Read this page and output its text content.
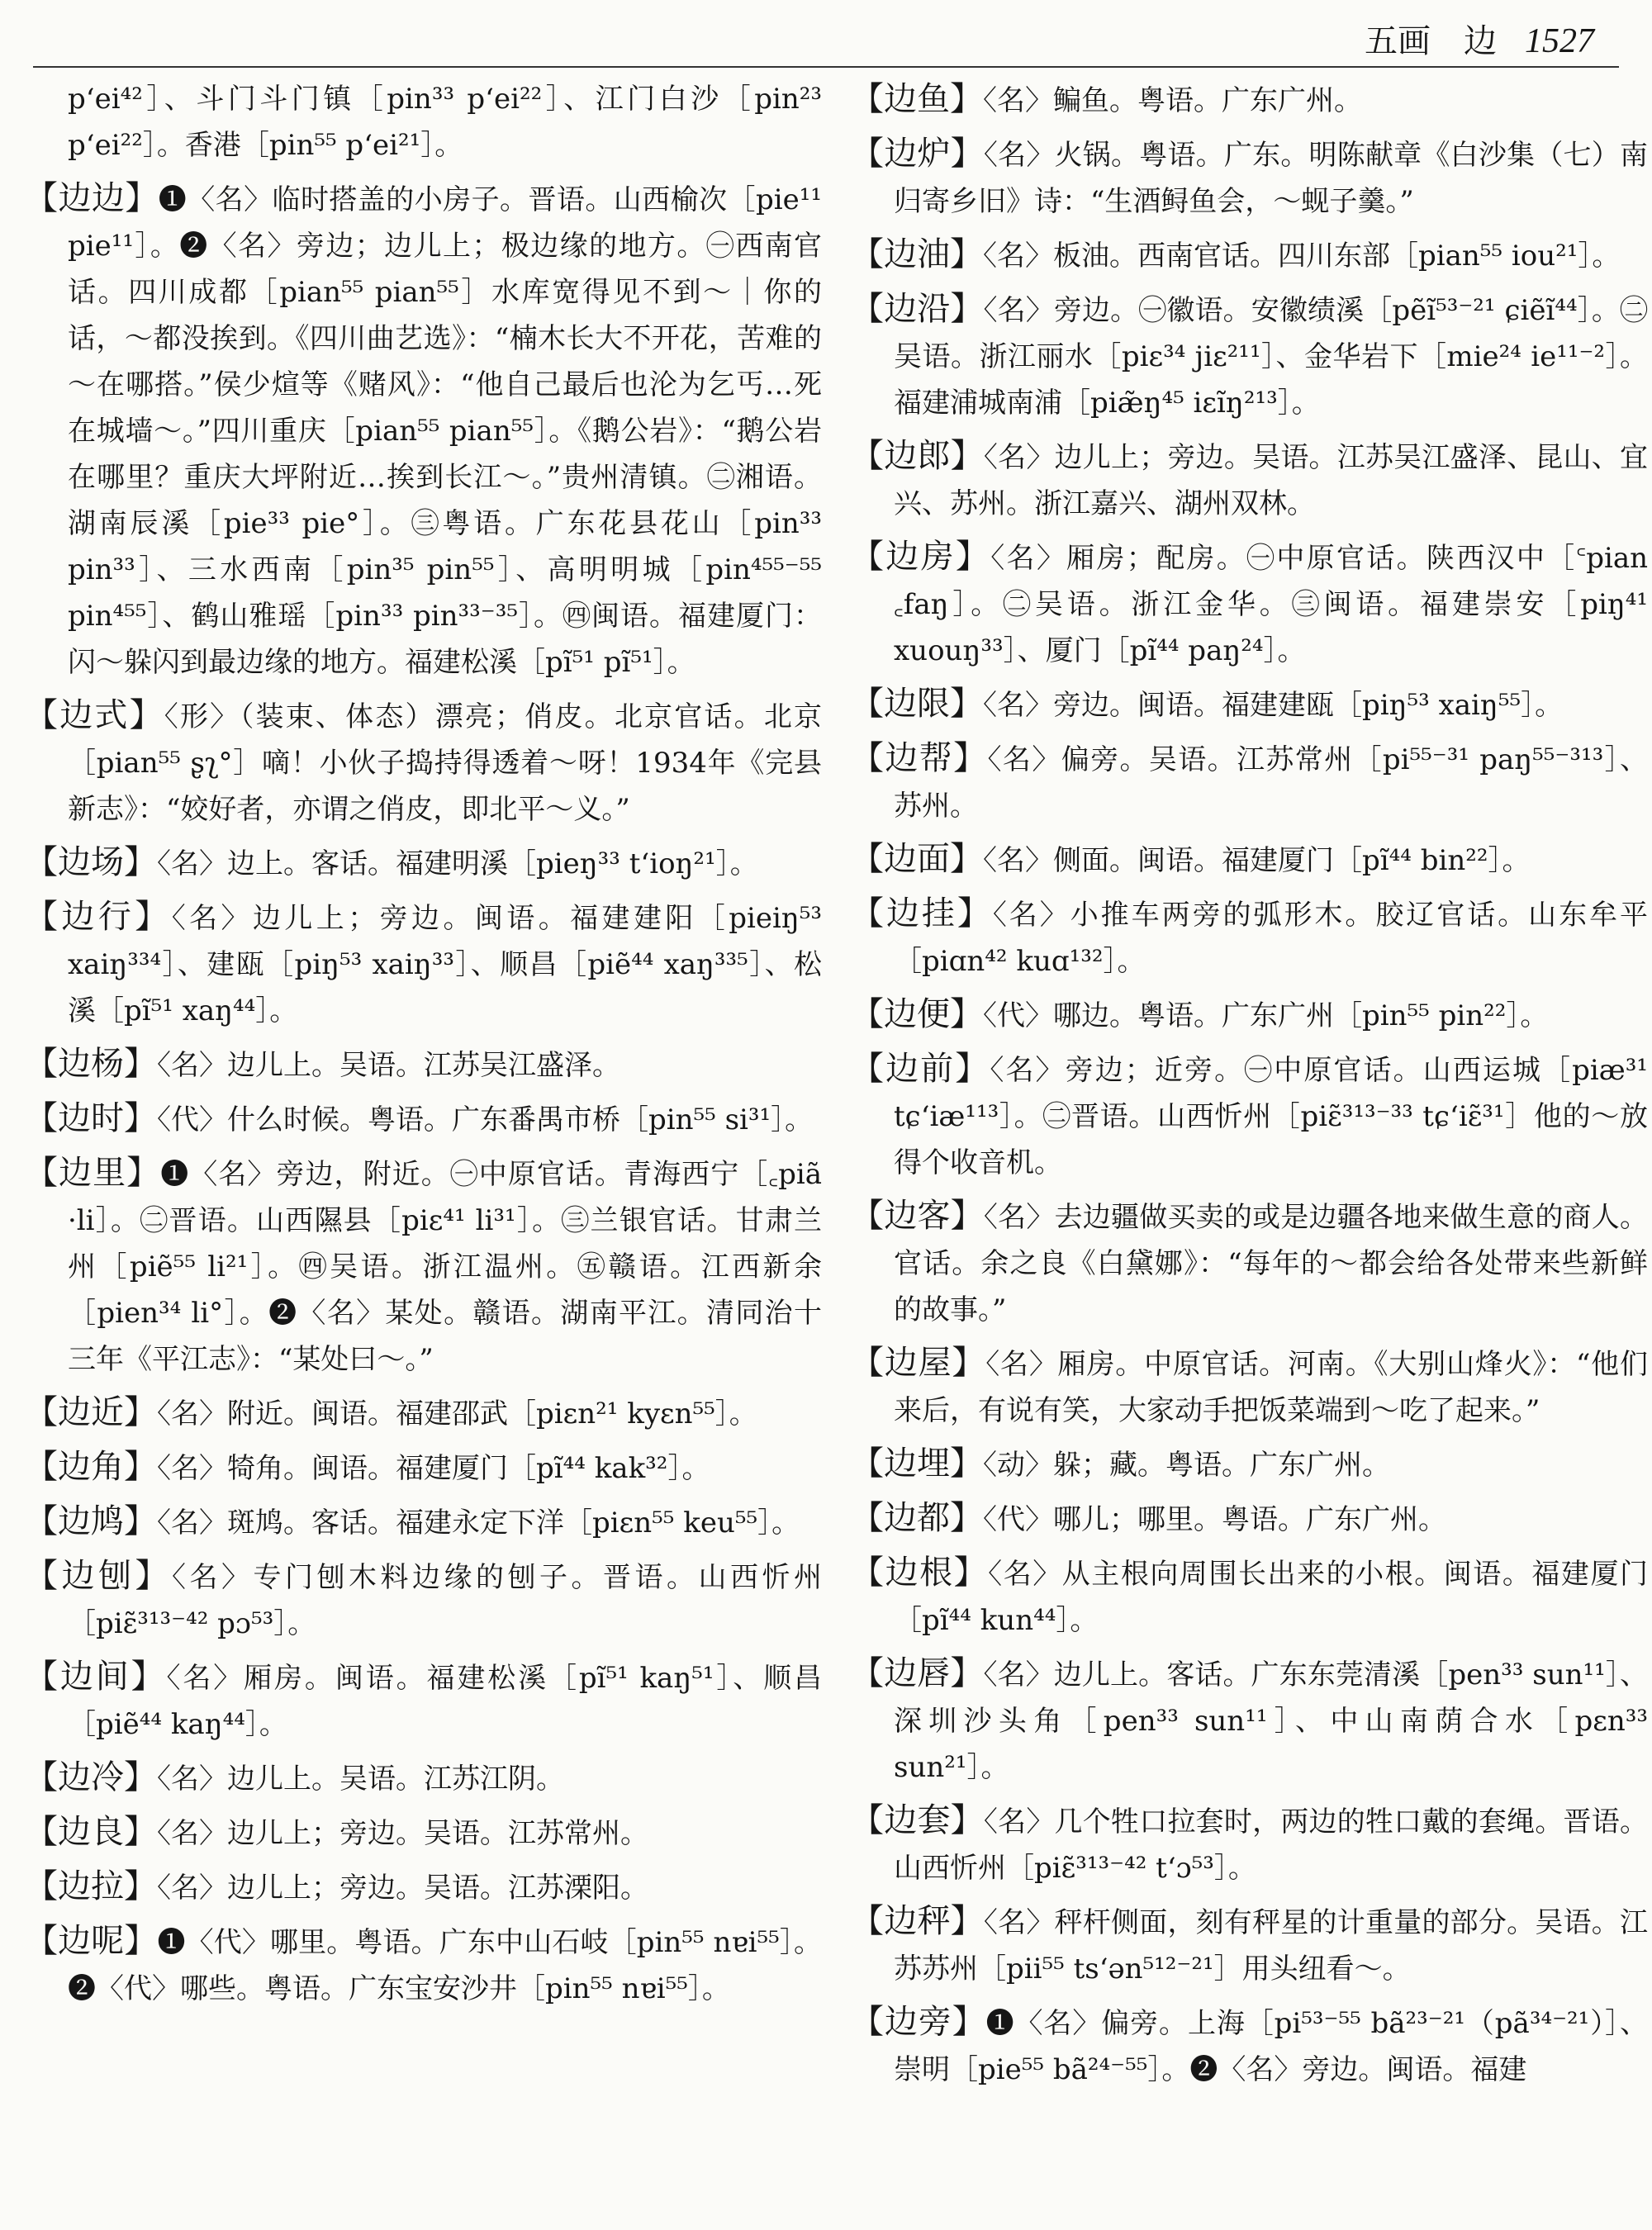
五画　边 1527

p‘ei⁴²］、斗门斗门镇［pin³³ p‘ei²²］、江门白沙［pin²³ p‘ei²²］。香港［pin⁵⁵ p‘ei²¹］。

【边边】❶〈名〉临时搭盖的小房子。晋语。山西榆次［pie¹¹ pie¹¹］。❷〈名〉旁边；边儿上；极边缘的地方。㊀西南官话。四川成都［pian⁵⁵ pian⁵⁵］水库宽得见不到～｜你的话，～都没挨到。《四川曲艺选》：“楠木长大不开花，苦难的～在哪搭。”侯少煊等《赌风》：“他自己最后也沦为乞丐…死在城墙～。”四川重庆［pian⁵⁵ pian⁵⁵］。《鹅公岩》：“鹅公岩在哪里？重庆大坪附近…挨到长江～。”贵州清镇。㊁湘语。湖南辰溪［pie³³ pie°］。㊂粤语。广东花县花山［pin³³ pin³³］、三水西南［pin³⁵ pin⁵⁵］、高明明城［pin⁴⁵⁵⁻⁵⁵ pin⁴⁵⁵］、鹤山雅瑶［pin³³ pin³³⁻³⁵］。㊃闽语。福建厦门：闪～躲闪到最边缘的地方。福建松溪［pĩ⁵¹ pĩ⁵¹］。

【边式】〈形〉（装束、体态）漂亮；俏皮。北京官话。北京［pian⁵⁵ ʂʅ°］嘀！小伙子捣持得透着～呀！1934年《完县新志》：“姣好者，亦谓之俏皮，即北平～义。”

【边场】〈名〉边上。客话。福建明溪［pieŋ³³ t‘ioŋ²¹］。

【边行】〈名〉边儿上；旁边。闽语。福建建阳［pieiŋ⁵³ xaiŋ³³⁴］、建瓯［piŋ⁵³ xaiŋ³³］、顺昌［piẽ⁴⁴ xaŋ³³⁵］、松溪［pĩ⁵¹ xaŋ⁴⁴］。

【边杨】〈名〉边儿上。吴语。江苏吴江盛泽。

【边时】〈代〉什么时候。粤语。广东番禺市桥［pin⁵⁵ si³¹］。

【边里】❶〈名〉旁边，附近。㊀中原官话。青海西宁［꜀piã ·li］。㊁晋语。山西隰县［piɛ⁴¹ li³¹］。㊂兰银官话。甘肃兰州［piẽ⁵⁵ li²¹］。㊃吴语。浙江温州。㊄赣语。江西新余［pien³⁴ li°］。❷〈名〉某处。赣语。湖南平江。清同治十三年《平江志》：“某处曰～。”

【边近】〈名〉附近。闽语。福建邵武［piɛn²¹ kyɛn⁵⁵］。

【边角】〈名〉犄角。闽语。福建厦门［pĩ⁴⁴ kak³²］。

【边鸠】〈名〉斑鸠。客话。福建永定下洋［piɛn⁵⁵ keu⁵⁵］。

【边刨】〈名〉专门刨木料边缘的刨子。晋语。山西忻州［piɛ̃³¹³⁻⁴² pɔ⁵³］。

【边间】〈名〉厢房。闽语。福建松溪［pĩ⁵¹ kaŋ⁵¹］、顺昌［piẽ⁴⁴ kaŋ⁴⁴］。

【边冷】〈名〉边儿上。吴语。江苏江阴。

【边良】〈名〉边儿上；旁边。吴语。江苏常州。

【边拉】〈名〉边儿上；旁边。吴语。江苏溧阳。

【边呢】❶〈代〉哪里。粤语。广东中山石岐［pin⁵⁵ nɐi⁵⁵］。❷〈代〉哪些。粤语。广东宝安沙井［pin⁵⁵ nɐi⁵⁵］。

【边鱼】〈名〉鳊鱼。粤语。广东广州。

【边炉】〈名〉火锅。粤语。广东。明陈献章《白沙集（七）南归寄乡旧》诗：“生酒鲟鱼会，～蚬子羹。”

【边油】〈名〉板油。西南官话。四川东部［pian⁵⁵ iou²¹］。

【边沿】〈名〉旁边。㊀徽语。安徽绩溪［pẽĩ⁵³⁻²¹ ɕiẽĩ⁴⁴］。㊁吴语。浙江丽水［piɛ³⁴ jiɛ²¹¹］、金华岩下［mie²⁴ ie¹¹⁻²］。福建浦城南浦［piæ̃ŋ⁴⁵ iɛĩŋ²¹³］。

【边郎】〈名〉边儿上；旁边。吴语。江苏吴江盛泽、昆山、宜兴、苏州。浙江嘉兴、湖州双林。

【边房】〈名〉厢房；配房。㊀中原官话。陕西汉中［꜂pian ꜀faŋ］。㊁吴语。浙江金华。㊂闽语。福建崇安［piŋ⁴¹ xuouŋ³³］、厦门［pĩ⁴⁴ paŋ²⁴］。

【边限】〈名〉旁边。闽语。福建建瓯［piŋ⁵³ xaiŋ⁵⁵］。

【边帮】〈名〉偏旁。吴语。江苏常州［pi⁵⁵⁻³¹ paŋ⁵⁵⁻³¹³］、苏州。

【边面】〈名〉侧面。闽语。福建厦门［pĩ⁴⁴ bin²²］。

【边挂】〈名〉小推车两旁的弧形木。胶辽官话。山东牟平［piɑn⁴² kuɑ¹³²］。

【边便】〈代〉哪边。粤语。广东广州［pin⁵⁵ pin²²］。

【边前】〈名〉旁边；近旁。㊀中原官话。山西运城［piæ³¹ tɕ‘iæ¹¹³］。㊁晋语。山西忻州［piɛ̃³¹³⁻³³ tɕ‘iɛ̃³¹］他的～放得个收音机。

【边客】〈名〉去边疆做买卖的或是边疆各地来做生意的商人。官话。余之良《白黛娜》：“每年的～都会给各处带来些新鲜的故事。”

【边屋】〈名〉厢房。中原官话。河南。《大别山烽火》：“他们来后，有说有笑，大家动手把饭菜端到～吃了起来。”

【边埋】〈动〉躲；藏。粤语。广东广州。

【边都】〈代〉哪儿；哪里。粤语。广东广州。

【边根】〈名〉从主根向周围长出来的小根。闽语。福建厦门［pĩ⁴⁴ kun⁴⁴］。

【边唇】〈名〉边儿上。客话。广东东莞清溪［pen³³ sun¹¹］、深圳沙头角［pen³³ sun¹¹］、中山南荫合水［pɛn³³ sun²¹］。

【边套】〈名〉几个牲口拉套时，两边的牲口戴的套绳。晋语。山西忻州［piɛ̃³¹³⁻⁴² t‘ɔ⁵³］。

【边秤】〈名〉秤杆侧面，刻有秤星的计重量的部分。吴语。江苏苏州［pii⁵⁵ ts‘ən⁵¹²⁻²¹］用头纽看～。

【边旁】❶〈名〉偏旁。上海［pi⁵³⁻⁵⁵ bã²³⁻²¹（pã³⁴⁻²¹）］、崇明［pie⁵⁵ bã²⁴⁻⁵⁵］。❷〈名〉旁边。闽语。福建
